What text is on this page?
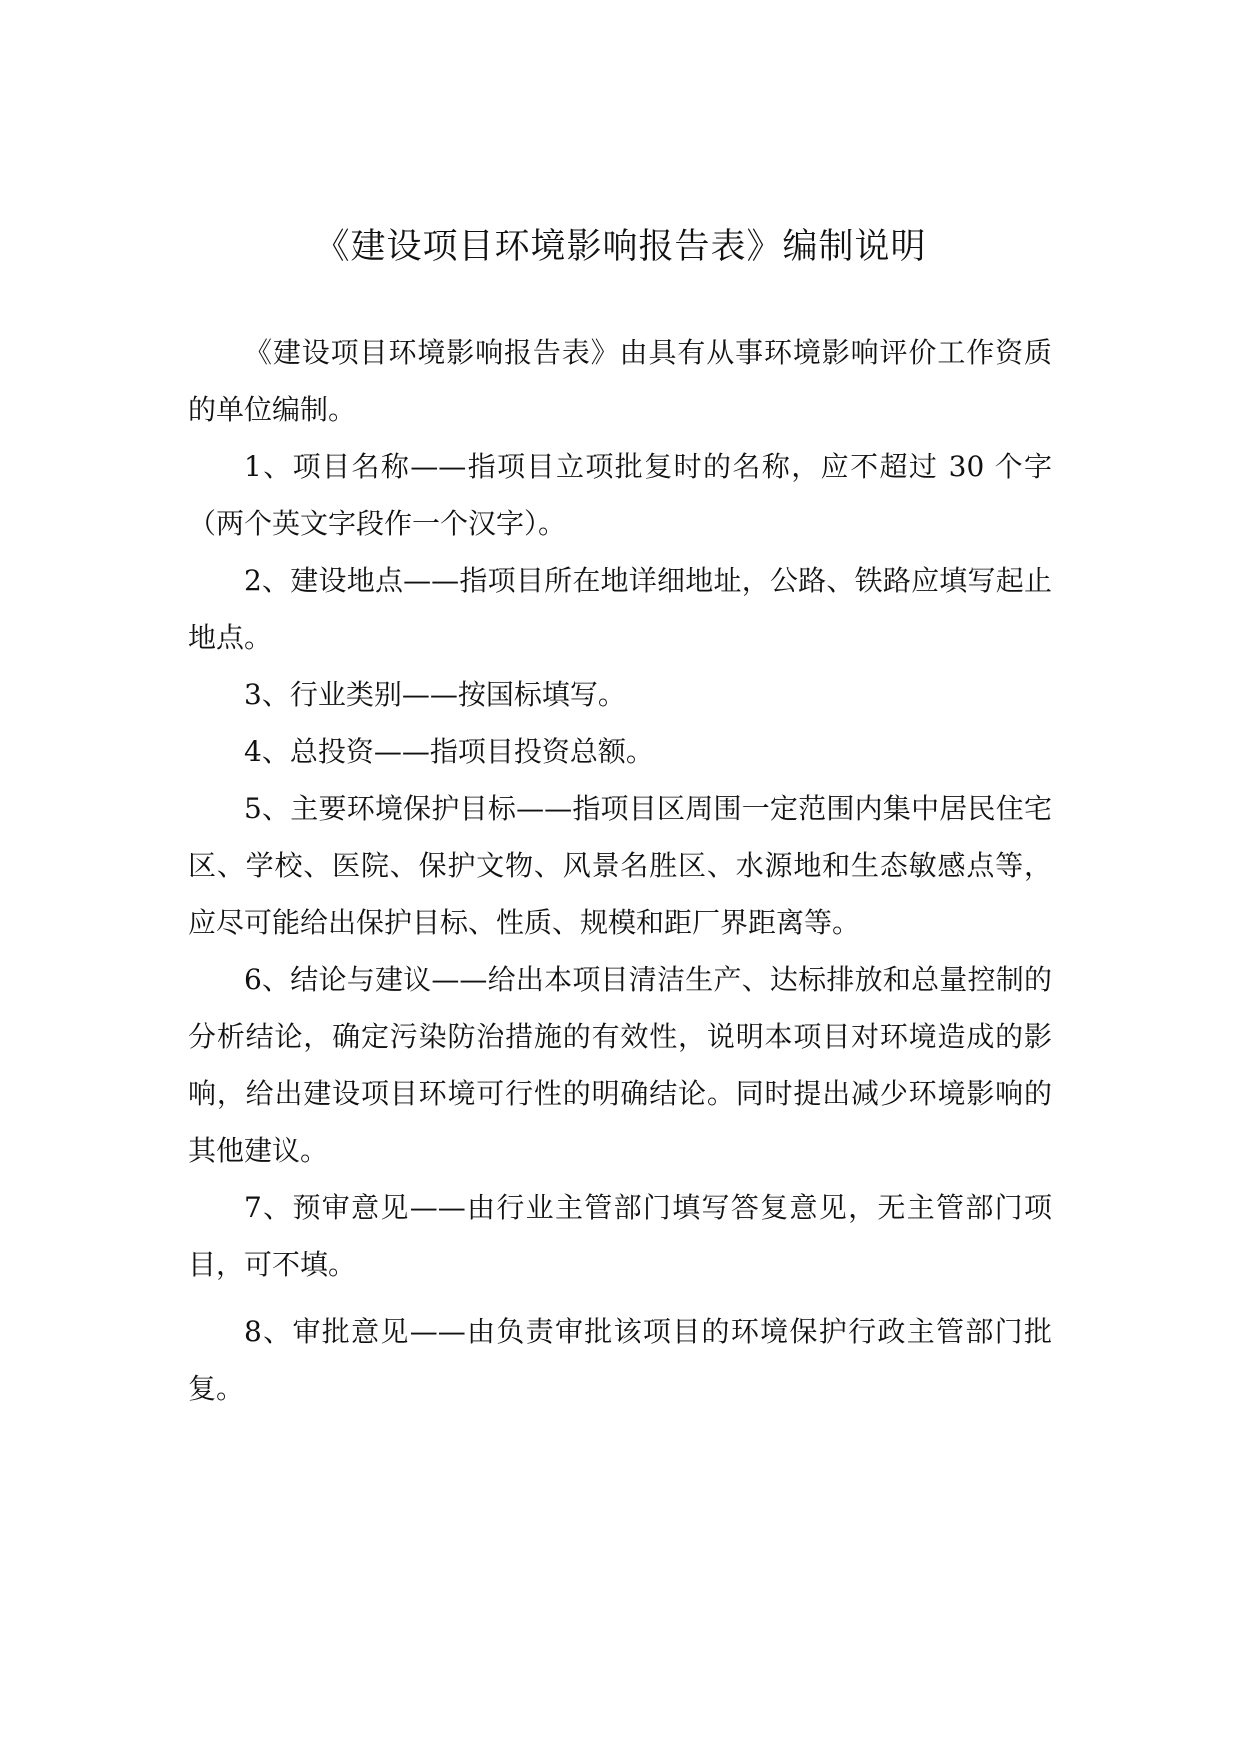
《建设项目环境影响报告表》编制说明

《建设项目环境影响报告表》由具有从事环境影响评价工作资质的单位编制。

1、项目名称——指项目立项批复时的名称，应不超过 30 个字（两个英文字段作一个汉字）。

2、建设地点——指项目所在地详细地址，公路、铁路应填写起止地点。

3、行业类别——按国标填写。

4、总投资——指项目投资总额。

5、主要环境保护目标——指项目区周围一定范围内集中居民住宅区、学校、医院、保护文物、风景名胜区、水源地和生态敏感点等，应尽可能给出保护目标、性质、规模和距厂界距离等。

6、结论与建议——给出本项目清洁生产、达标排放和总量控制的分析结论，确定污染防治措施的有效性，说明本项目对环境造成的影响，给出建设项目环境可行性的明确结论。同时提出减少环境影响的其他建议。

7、预审意见——由行业主管部门填写答复意见，无主管部门项目，可不填。

8、审批意见——由负责审批该项目的环境保护行政主管部门批复。
